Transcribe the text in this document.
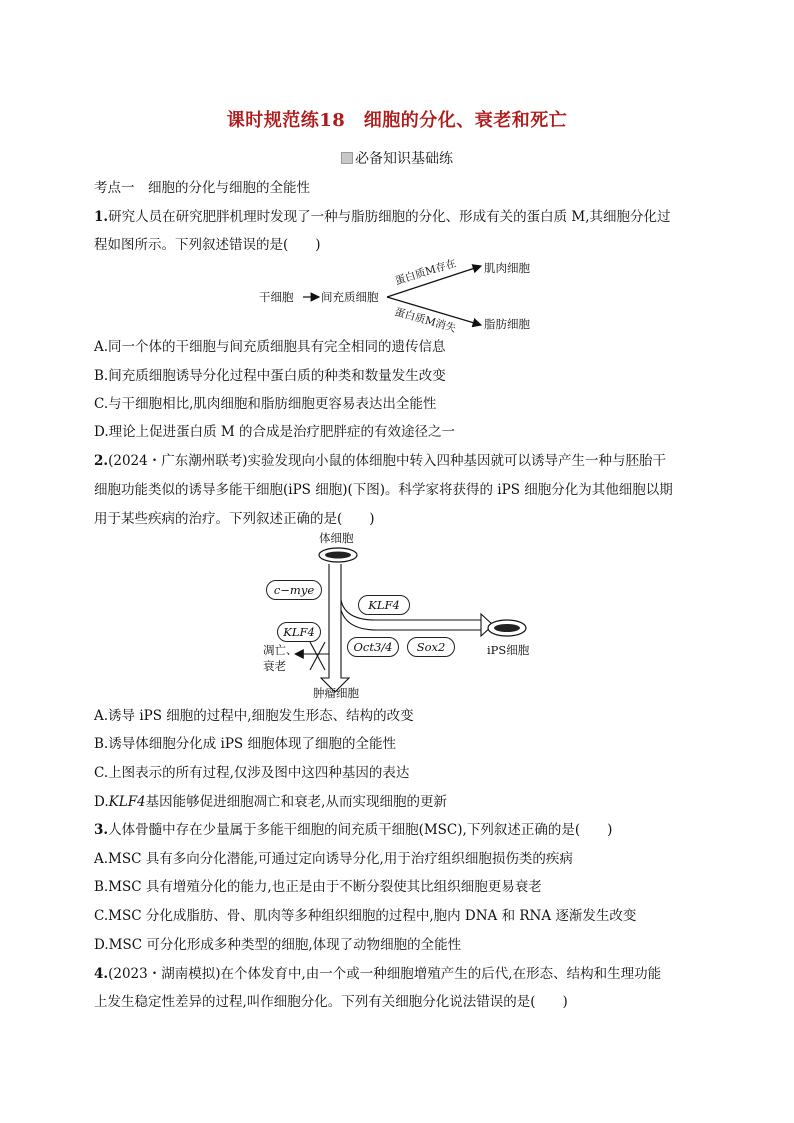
课时规范练18　细胞的分化、衰老和死亡
必备知识基础练
考点一　细胞的分化与细胞的全能性
1.研究人员在研究肥胖机理时发现了一种与脂肪细胞的分化、形成有关的蛋白质 M,其细胞分化过
程如图所示。下列叙述错误的是(　　)
干细胞 间充质细胞
蛋白质M存在
蛋白质M消失
肌肉细胞
脂肪细胞
A.同一个体的干细胞与间充质细胞具有完全相同的遗传信息
B.间充质细胞诱导分化过程中蛋白质的种类和数量发生改变
C.与干细胞相比,肌肉细胞和脂肪细胞更容易表达出全能性
D.理论上促进蛋白质 M 的合成是治疗肥胖症的有效途径之一
2.(2024・广东潮州联考)实验发现向小鼠的体细胞中转入四种基因就可以诱导产生一种与胚胎干
细胞功能类似的诱导多能干细胞(iPS 细胞)(下图)。科学家将获得的 iPS 细胞分化为其他细胞以期
用于某些疾病的治疗。下列叙述正确的是(　　)
体细胞
c−mye
KLF4
KLF4
Oct3/4	Sox2	iPS细胞
凋亡、
衰老
肿瘤细胞
A.诱导 iPS 细胞的过程中,细胞发生形态、结构的改变
B.诱导体细胞分化成 iPS 细胞体现了细胞的全能性
C.上图表示的所有过程,仅涉及图中这四种基因的表达
D.KLF4基因能够促进细胞凋亡和衰老,从而实现细胞的更新
3.人体骨髓中存在少量属于多能干细胞的间充质干细胞(MSC),下列叙述正确的是(　　)
A.MSC 具有多向分化潜能,可通过定向诱导分化,用于治疗组织细胞损伤类的疾病
B.MSC 具有增殖分化的能力,也正是由于不断分裂使其比组织细胞更易衰老
C.MSC 分化成脂肪、骨、肌肉等多种组织细胞的过程中,胞内 DNA 和 RNA 逐渐发生改变
D.MSC 可分化形成多种类型的细胞,体现了动物细胞的全能性
4.(2023・湖南模拟)在个体发育中,由一个或一种细胞增殖产生的后代,在形态、结构和生理功能
上发生稳定性差异的过程,叫作细胞分化。下列有关细胞分化说法错误的是(　　)
